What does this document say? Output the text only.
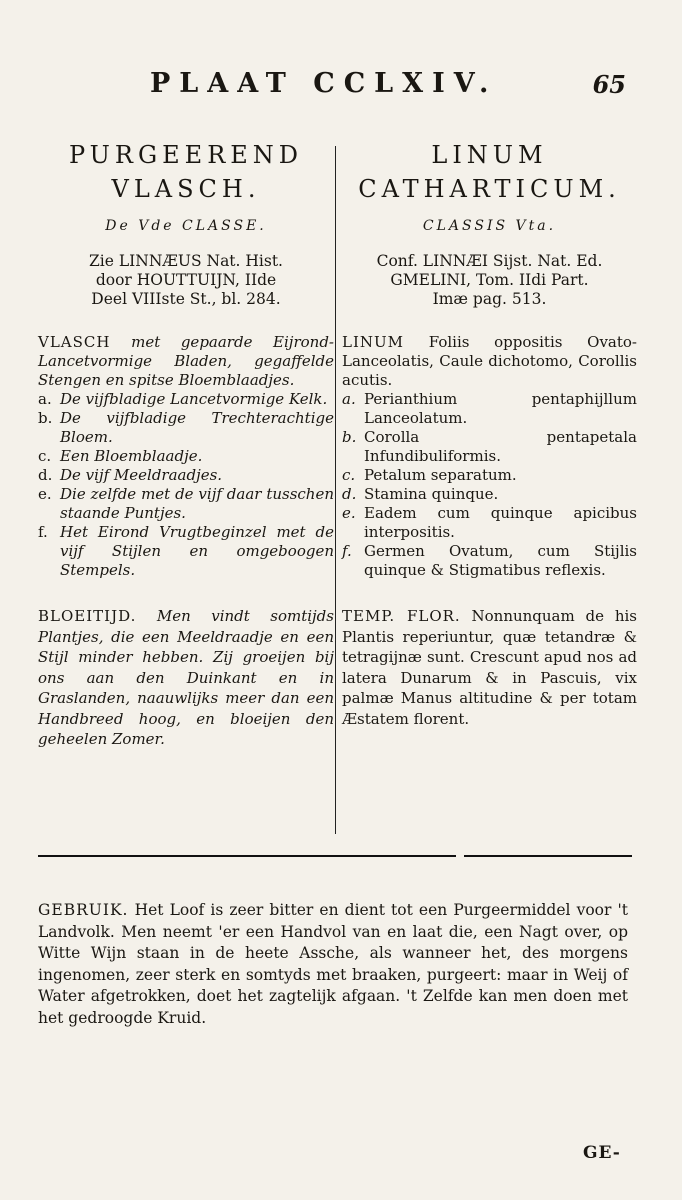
PLAAT CCLXIV.	65
PURGEEREND
VLASCH.
De Vde CLASSE.
Zie LINNÆUS Nat. Hist.
door HOUTTUIJN, IIde
Deel VIIIste St., bl. 284.
VLASCH met gepaarde Eijrond-Lancetvormige Bladen, gegaffelde Stengen en spitse Bloemblaadjes.
a. De vijfbladige Lancetvormige Kelk.
b. De vijfbladige Trechterachtige Bloem.
c. Een Bloemblaadje.
d. De vijf Meeldraadjes.
e. Die zelfde met de vijf daar tusschen staande Puntjes.
f. Het Eirond Vrugtbeginzel met de vijf Stijlen en omgeboogen Stempels.
BLOEITIJD. Men vindt somtijds Plantjes, die een Meeldraadje en een Stijl minder hebben. Zij groeijen bij ons aan den Duinkant en in Graslanden, naauwlijks meer dan een Handbreed hoog, en bloeijen den geheelen Zomer.
LINUM
CATHARTICUM.
CLASSIS Vta.
Conf. LINNÆI Sijst. Nat. Ed.
GMELINI, Tom. IIdi Part.
Imæ pag. 513.
LINUM Foliis oppositis Ovato-Lanceolatis, Caule dichotomo, Corollis acutis.
a. Perianthium pentaphijllum Lanceolatum.
b. Corolla pentapetala Infundibuliformis.
c. Petalum separatum.
d. Stamina quinque.
e. Eadem cum quinque apicibus interpositis.
f. Germen Ovatum, cum Stijlis quinque & Stigmatibus reflexis.
TEMP. FLOR. Nonnunquam de his Plantis reperiuntur, quæ tetandræ & tetragijnæ sunt. Crescunt apud nos ad latera Dunarum & in Pascuis, vix palmæ Manus altitudine & per totam Æstatem florent.
GEBRUIK. Het Loof is zeer bitter en dient tot een Purgeermiddel voor 't Landvolk. Men neemt 'er een Handvol van en laat die, een Nagt over, op Witte Wijn staan in de heete Assche, als wanneer het, des morgens ingenomen, zeer sterk en somtyds met braaken, purgeert: maar in Weij of Water afgetrokken, doet het zagtelijk afgaan. 't Zelfde kan men doen met het gedroogde Kruid.
GE-
